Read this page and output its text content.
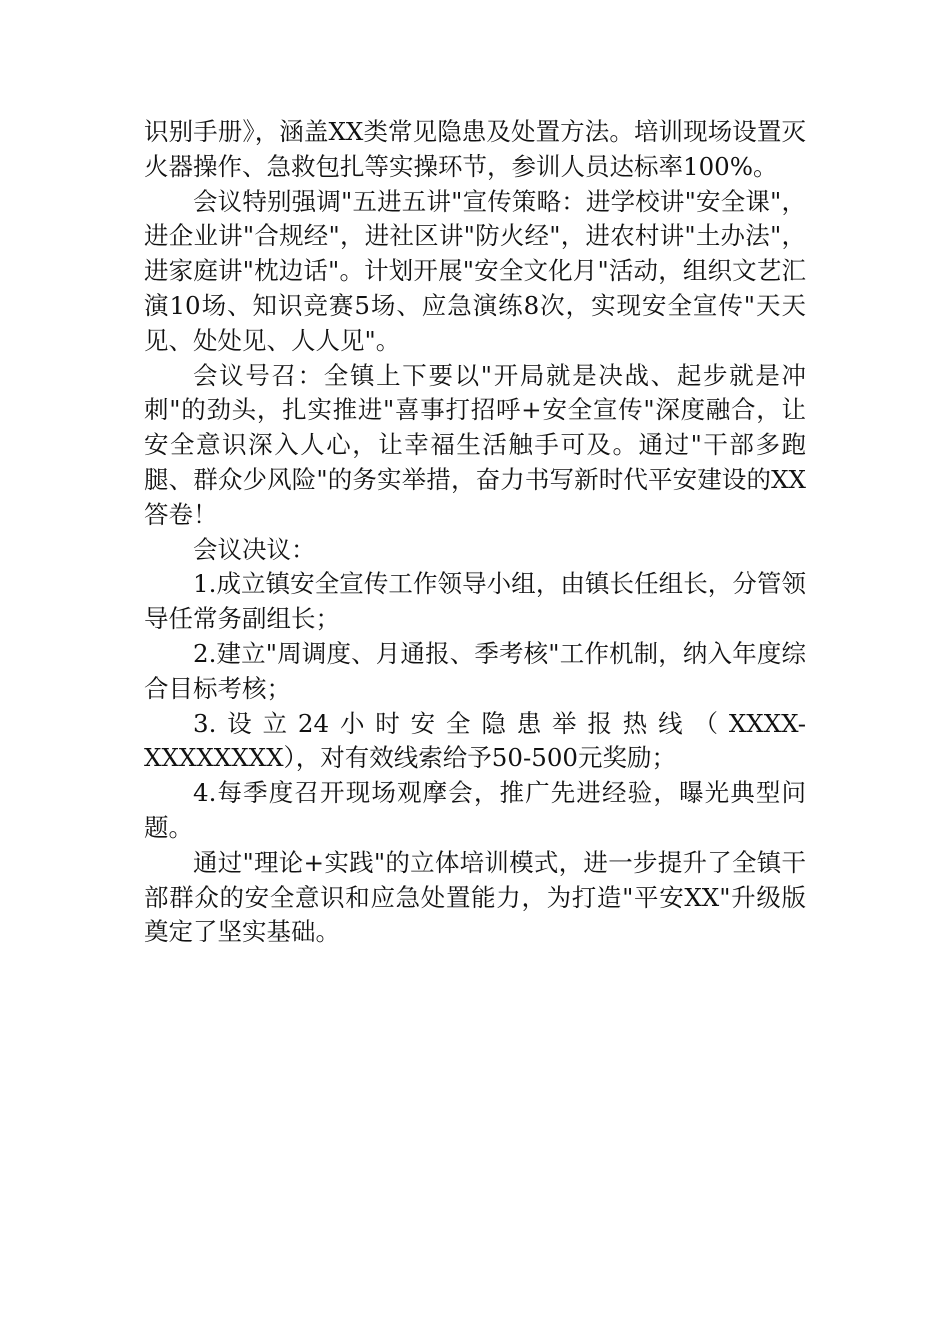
识别手册》，涵盖XX类常见隐患及处置方法。培训现场设置灭火器操作、急救包扎等实操环节，参训人员达标率100%。

会议特别强调"五进五讲"宣传策略：进学校讲"安全课"，进企业讲"合规经"，进社区讲"防火经"，进农村讲"土办法"，进家庭讲"枕边话"。计划开展"安全文化月"活动，组织文艺汇演10场、知识竞赛5场、应急演练8次，实现安全宣传"天天见、处处见、人人见"。

会议号召：全镇上下要以"开局就是决战、起步就是冲刺"的劲头，扎实推进"喜事打招呼+安全宣传"深度融合，让安全意识深入人心，让幸福生活触手可及。通过"干部多跑腿、群众少风险"的务实举措，奋力书写新时代平安建设的XX答卷！

会议决议：

1.成立镇安全宣传工作领导小组，由镇长任组长，分管领导任常务副组长；

2.建立"周调度、月通报、季考核"工作机制，纳入年度综合目标考核；

3.设立24小时安全隐患举报热线（XXXX-XXXXXXXX），对有效线索给予50-500元奖励；

4.每季度召开现场观摩会，推广先进经验，曝光典型问题。

通过"理论+实践"的立体培训模式，进一步提升了全镇干部群众的安全意识和应急处置能力，为打造"平安XX"升级版奠定了坚实基础。
